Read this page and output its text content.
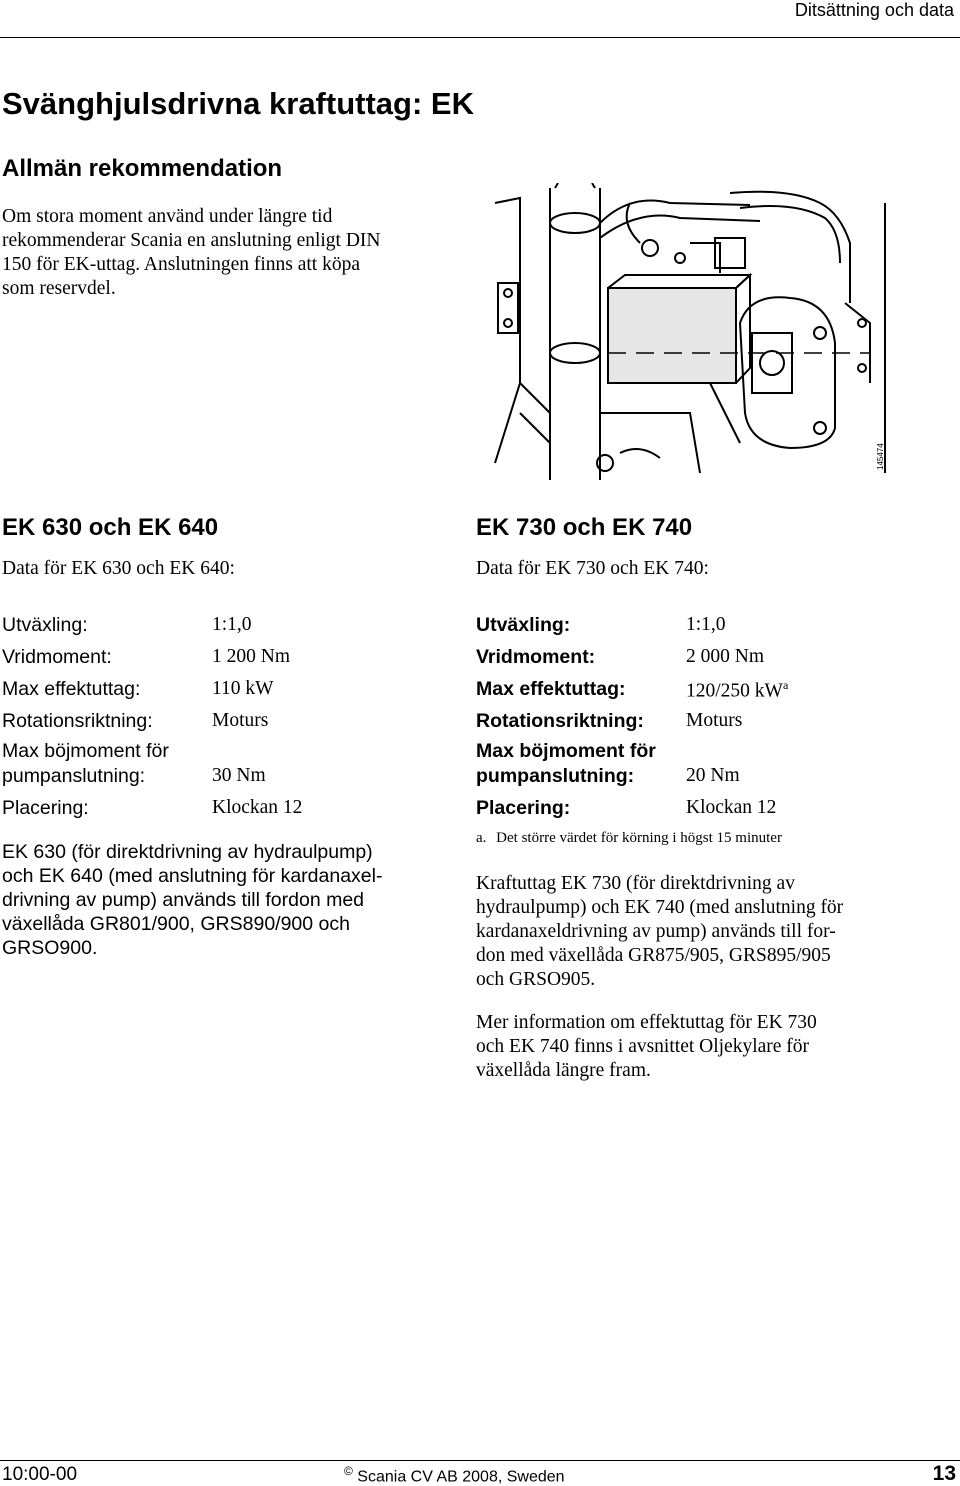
Ditsättning och data
Svänghjulsdrivna kraftuttag: EK
Allmän rekommendation
Om stora moment använd under längre tid rekommenderar Scania en anslutning enligt DIN 150 för EK-uttag. Anslutningen finns att köpa som reservdel.
145474
EK 630 och EK 640
Data för EK 630 och EK 640:
Utväxling:	1:1,0
Vridmoment:	1 200 Nm
Max effektuttag:	110 kW
Rotationsriktning:	Moturs
Max böjmoment för
pumpanslutning:	30 Nm
Placering:	Klockan 12
EK 630 (för direktdrivning av hydraulpump)
och EK 640 (med anslutning för kardanaxel-
drivning av pump) används till fordon med
växellåda GR801/900, GRS890/900 och
GRSO900.
EK 730 och EK 740
Data för EK 730 och EK 740:
Utväxling:	1:1,0
Vridmoment:	2 000 Nm
Max effektuttag:	120/250 $kW^a$
Rotationsriktning: Moturs
Max böjmoment för
pumpanslutning:	20 Nm
Placering:	Klockan 12
a. Det större värdet för körning i högst 15 minuter
Kraftuttag EK 730 (för direktdrivning av
hydraulpump) och EK 740 (med anslutning för
kardanaxeldrivning av pump) används till for-
don med växellåda GR875/905, GRS895/905
och GRSO905.
Mer information om effektuttag för EK 730
och EK 740 finns i avsnittet Oljekylare för
växellåda längre fram.
10:00-00	© Scania CV AB 2008, Sweden	13
